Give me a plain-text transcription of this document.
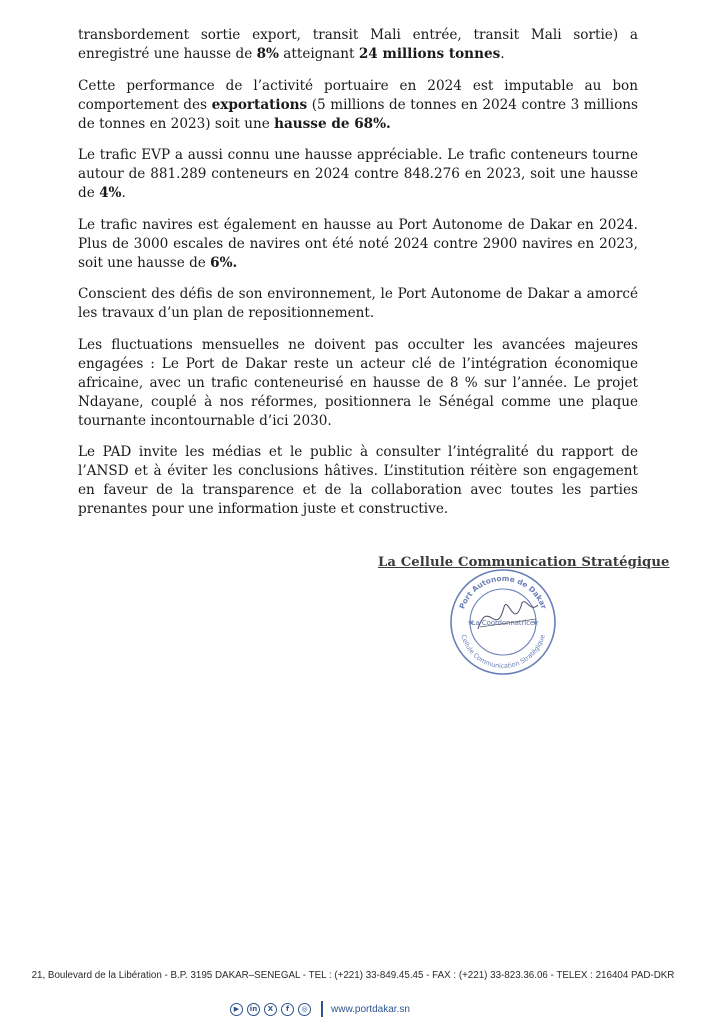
transbordement sortie export, transit Mali entrée, transit Mali sortie) a enregistré une hausse de 8% atteignant 24 millions tonnes.

Cette performance de l’activité portuaire en 2024 est imputable au bon comportement des exportations (5 millions de tonnes en 2024 contre 3 millions de tonnes en 2023) soit une hausse de 68%.

Le trafic EVP a aussi connu une hausse appréciable. Le trafic conteneurs tourne autour de 881.289 conteneurs en 2024 contre 848.276 en 2023, soit une hausse de 4%.

Le trafic navires est également en hausse au Port Autonome de Dakar en 2024. Plus de 3000 escales de navires ont été noté 2024 contre 2900 navires en 2023, soit une hausse de 6%.

Conscient des défis de son environnement, le Port Autonome de Dakar a amorcé les travaux d’un plan de repositionnement.

Les fluctuations mensuelles ne doivent pas occulter les avancées majeures engagées : Le Port de Dakar reste un acteur clé de l’intégration économique africaine, avec un trafic conteneurisé en hausse de 8 % sur l’année. Le projet Ndayane, couplé à nos réformes, positionnera le Sénégal comme une plaque tournante incontournable d’ici 2030.

Le PAD invite les médias et le public à consulter l’intégralité du rapport de l’ANSD et à éviter les conclusions hâtives. L’institution réitère son engagement en faveur de la transparence et de la collaboration avec toutes les parties prenantes pour une information juste et constructive.

La Cellule Communication Stratégique
Port Autonome de Dakar
Cellule Communication Stratégique
★	★
La Coordonnatrice
21, Boulevard de la Libération - B.P. 3195 DAKAR–SENEGAL - TEL : (+221) 33-849.45.45 - FAX : (+221) 33-823.36.06 - TELEX : 216404 PAD-DKR
▶	in	X	f	◎	www.portdakar.sn
